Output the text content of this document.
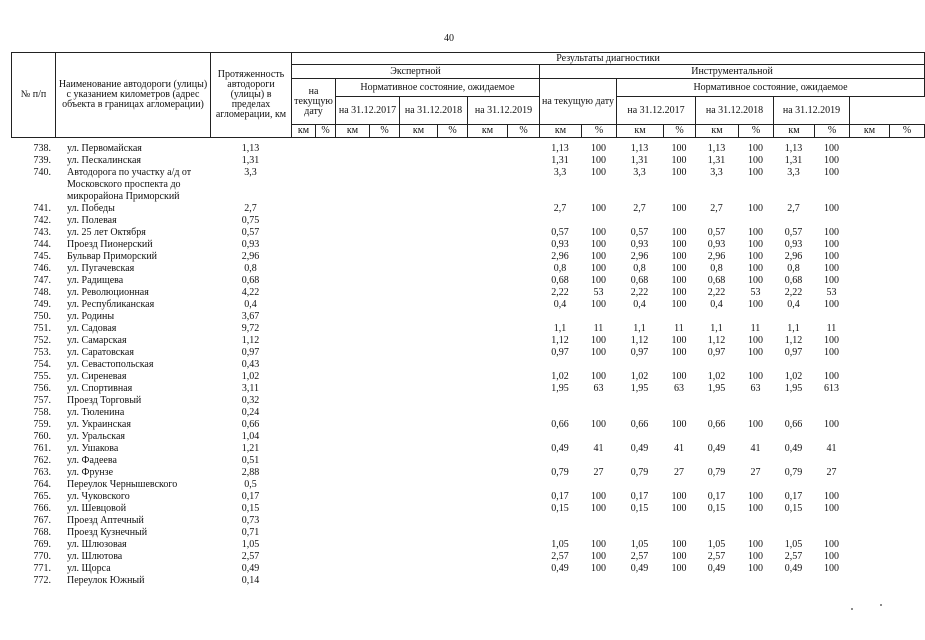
40
№ п/п	Наименование автодороги (улицы) с указанием километров (адрес объекта в границах агломерации)	Протяженность автодороги (улицы) в пределах агломерации, км	Результаты диагностики																	
			Экспертной								Инструментальной									
			на текущую дату		Нормативное состояние, ожидаемое						на текущую дату		Нормативное состояние, ожидаемое							
					на 31.12.2017		на 31.12.2018		на 31.12.2019				на 31.12.2017		на 31.12.2018		на 31.12.2019			
			км	%	км	%	км	%	км	%	км	%	км	%	км	%	км	%	км	%
738.	ул. Первомайская	1,13									1,13	100	1,13	100	1,13	100	1,13	100
739.	ул. Пескалинская	1,31									1,31	100	1,31	100	1,31	100	1,31	100
740.	Автодорога по участку а/д от Московского проспекта до микрорайона Приморский	3,3									3,3	100	3,3	100	3,3	100	3,3	100
741.	ул. Победы	2,7									2,7	100	2,7	100	2,7	100	2,7	100
742.	ул. Полевая	0,75																
743.	ул. 25 лет Октября	0,57									0,57	100	0,57	100	0,57	100	0,57	100
744.	Проезд Пионерский	0,93									0,93	100	0,93	100	0,93	100	0,93	100
745.	Бульвар Приморский	2,96									2,96	100	2,96	100	2,96	100	2,96	100
746.	ул. Пугачевская	0,8									0,8	100	0,8	100	0,8	100	0,8	100
747.	ул. Радищева	0,68									0,68	100	0,68	100	0,68	100	0,68	100
748.	ул. Революционная	4,22									2,22	53	2,22	100	2,22	53	2,22	53
749.	ул. Республиканская	0,4									0,4	100	0,4	100	0,4	100	0,4	100
750.	ул. Родины	3,67																
751.	ул. Садовая	9,72									1,1	11	1,1	11	1,1	11	1,1	11
752.	ул. Самарская	1,12									1,12	100	1,12	100	1,12	100	1,12	100
753.	ул. Саратовская	0,97									0,97	100	0,97	100	0,97	100	0,97	100
754.	ул. Севастопольская	0,43																
755.	ул. Сиреневая	1,02									1,02	100	1,02	100	1,02	100	1,02	100
756.	ул. Спортивная	3,11									1,95	63	1,95	63	1,95	63	1,95	613
757.	Проезд Торговый	0,32																
758.	ул. Тюленина	0,24																
759.	ул. Украинская	0,66									0,66	100	0,66	100	0,66	100	0,66	100
760.	ул. Уральская	1,04																
761.	ул. Ушакова	1,21									0,49	41	0,49	41	0,49	41	0,49	41
762.	ул. Фадеева	0,51																
763.	ул. Фрунзе	2,88									0,79	27	0,79	27	0,79	27	0,79	27
764.	Переулок Чернышевского	0,5																
765.	ул. Чуковского	0,17									0,17	100	0,17	100	0,17	100	0,17	100
766.	ул. Шевцовой	0,15									0,15	100	0,15	100	0,15	100	0,15	100
767.	Проезд Аптечный	0,73																
768.	Проезд Кузнечный	0,71																
769.	ул. Шлюзовая	1,05									1,05	100	1,05	100	1,05	100	1,05	100
770.	ул. Шлютова	2,57									2,57	100	2,57	100	2,57	100	2,57	100
771.	ул. Щорса	0,49									0,49	100	0,49	100	0,49	100	0,49	100
772.	Переулок Южный	0,14																
